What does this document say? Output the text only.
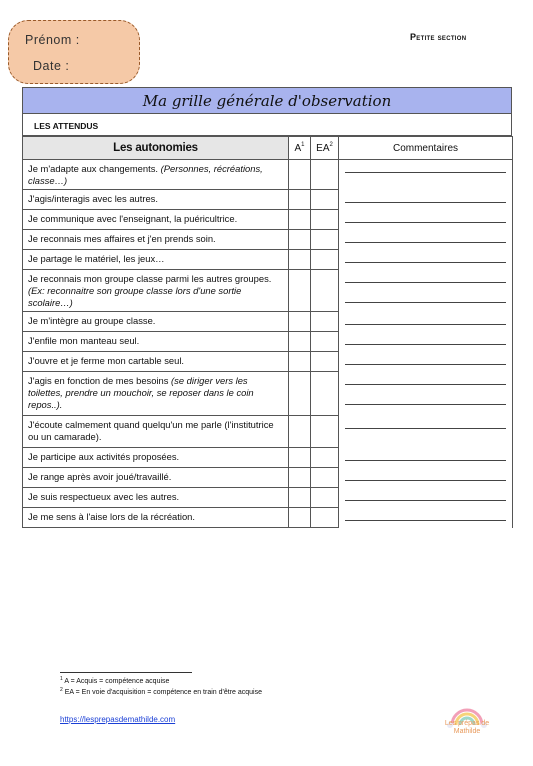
Prénom :
Date :
Petite section
Ma grille générale d'observation
LES ATTENDUS
Les autonomies	$A^1$	$EA^2$	Commentaires
Je m'adapte aux changements. (Personnes, récréations, classe…)			

J'agis/interagis avec les autres.			

Je communique avec l'enseignant, la puéricultrice.			

Je reconnais mes affaires et j'en prends soin.			

Je partage le matériel, les jeux…			

Je reconnais mon groupe classe parmi les autres groupes. (Ex: reconnaitre son groupe classe lors d'une sortie scolaire…)			

Je m'intègre au groupe classe.			

J'enfile mon manteau seul.			

J'ouvre et je ferme mon cartable seul.			

J'agis en fonction de mes besoins (se diriger vers les toilettes, prendre un mouchoir, se reposer dans le coin repos..).			

J'écoute calmement quand quelqu'un me parle (l'institutrice ou un camarade).			

Je participe aux activités proposées.			

Je range après avoir joué/travaillé.			

Je suis respectueux avec les autres.			

Je me sens à l'aise lors de la récréation.			
$^1$ A = Acquis = compétence acquise
$^2$ EA = En voie d'acquisition = compétence en train d'être acquise
https://lesprepasdemathilde.com	Les prépas de Mathilde
